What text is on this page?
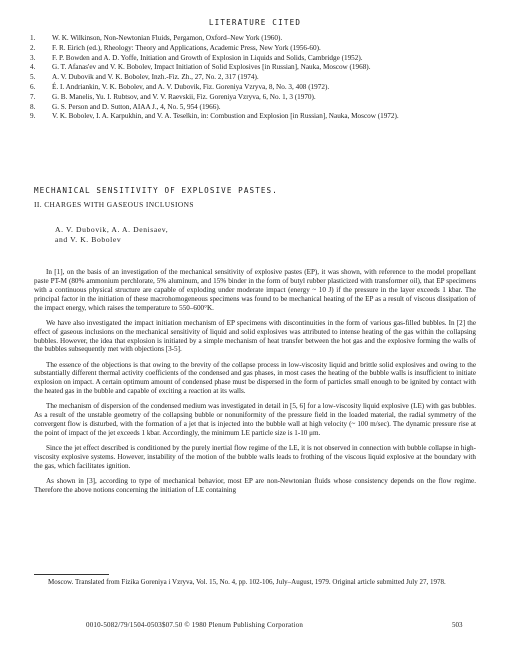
LITERATURE CITED
1. W. K. Wilkinson, Non-Newtonian Fluids, Pergamon, Oxford–New York (1960).
2. F. R. Eirich (ed.), Rheology: Theory and Applications, Academic Press, New York (1956-60).
3. F. P. Bowden and A. D. Yoffe, Initiation and Growth of Explosion in Liquids and Solids, Cambridge (1952).
4. G. T. Afanas'ev and V. K. Bobolev, Impact Initiation of Solid Explosives [in Russian], Nauka, Moscow (1968).
5. A. V. Dubovik and V. K. Bobolev, Inzh.-Fiz. Zh., 27, No. 2, 317 (1974).
6. É. I. Andriankin, V. K. Bobolev, and A. V. Dubovik, Fiz. Goreniya Vzryva, 8, No. 3, 408 (1972).
7. G. B. Manelis, Yu. I. Rubtsov, and V. V. Raevskii, Fiz. Goreniya Vzryva, 6, No. 1, 3 (1970).
8. G. S. Person and D. Sutton, AIAA J., 4, No. 5, 954 (1966).
9. V. K. Bobolev, I. A. Karpukhin, and V. A. Teselkin, in: Combustion and Explosion [in Russian], Nauka, Moscow (1972).
MECHANICAL SENSITIVITY OF EXPLOSIVE PASTES.
II. CHARGES WITH GASEOUS INCLUSIONS
A. V. Dubovik, A. A. Denisaev,
and V. K. Bobolev

In [1], on the basis of an investigation of the mechanical sensitivity of explosive pastes (EP), it was shown, with reference to the model propellant paste PT-M (80% ammonium perchlorate, 5% aluminum, and 15% binder in the form of butyl rubber plasticized with transformer oil), that EP specimens with a continuous physical structure are capable of exploding under moderate impact (energy ~ 10 J) if the pressure in the layer exceeds 1 kbar. The principal factor in the initiation of these macrohomogeneous specimens was found to be mechanical heating of the EP as a result of viscous dissipation of the impact energy, which raises the temperature to 550–600°K.

We have also investigated the impact initiation mechanism of EP specimens with discontinuities in the form of various gas-filled bubbles. In [2] the effect of gaseous inclusions on the mechanical sensitivity of liquid and solid explosives was attributed to intense heating of the gas within the collapsing bubbles. However, the idea that explosion is initiated by a simple mechanism of heat transfer between the hot gas and the explosive forming the walls of the bubbles subsequently met with objections [3-5].

The essence of the objections is that owing to the brevity of the collapse process in low-viscosity liquid and brittle solid explosives and owing to the substantially different thermal activity coefficients of the condensed and gas phases, in most cases the heating of the bubble walls is insufficient to initiate explosion on impact. A certain optimum amount of condensed phase must be dispersed in the form of particles small enough to be ignited by contact with the heated gas in the bubble and capable of exciting a reaction at its walls.

The mechanism of dispersion of the condensed medium was investigated in detail in [5, 6] for a low-viscosity liquid explosive (LE) with gas bubbles. As a result of the unstable geometry of the collapsing bubble or nonuniformity of the pressure field in the loaded material, the radial symmetry of the convergent flow is disturbed, with the formation of a jet that is injected into the bubble wall at high velocity (~ 100 m/sec). The dynamic pressure rise at the point of impact of the jet exceeds 1 kbar. Accordingly, the minimum LE particle size is 1-10 μm.

Since the jet effect described is conditioned by the purely inertial flow regime of the LE, it is not observed in connection with bubble collapse in high-viscosity explosive systems. However, instability of the motion of the bubble walls leads to frothing of the viscous liquid explosive at the boundary with the gas, which facilitates ignition.

As shown in [3], according to type of mechanical behavior, most EP are non-Newtonian fluids whose consistency depends on the flow regime. Therefore the above notions concerning the initiation of LE containing

Moscow. Translated from Fizika Goreniya i Vzryva, Vol. 15, No. 4, pp. 102-106, July–August, 1979. Original article submitted July 27, 1978.

0010-5082/79/1504-0503$07.50 © 1980 Plenum Publishing Corporation	503
